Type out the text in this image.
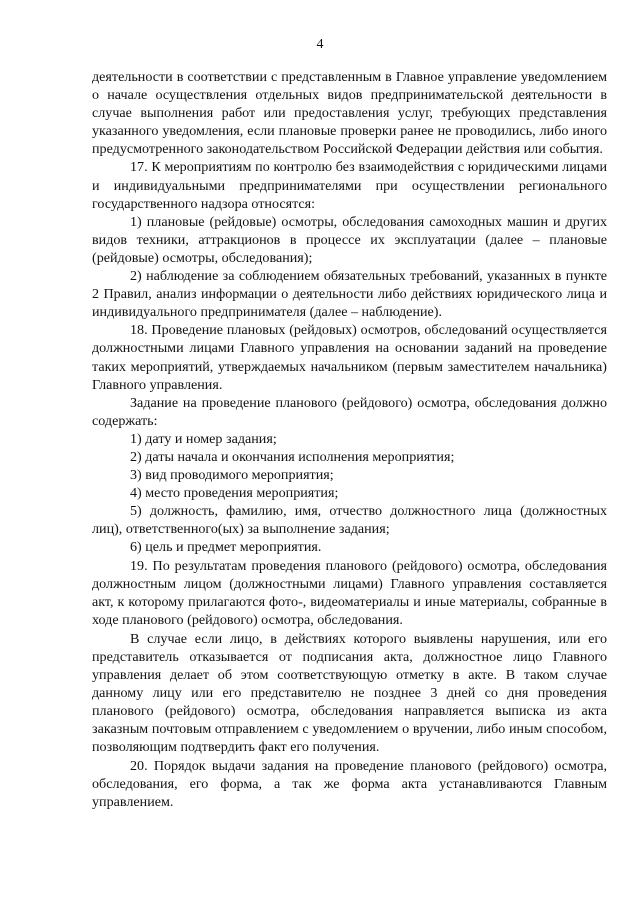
4

деятельности в соответствии с представленным в Главное управление уведомлением о начале осуществления отдельных видов предпринимательской деятельности в случае выполнения работ или предоставления услуг, требующих представления указанного уведомления, если плановые проверки ранее не проводились, либо иного предусмотренного законодательством Российской Федерации действия или события.

17. К мероприятиям по контролю без взаимодействия с юридическими лицами и индивидуальными предпринимателями при осуществлении регионального государственного надзора относятся:

1) плановые (рейдовые) осмотры, обследования самоходных машин и других видов техники, аттракционов в процессе их эксплуатации (далее – плановые (рейдовые) осмотры, обследования);

2) наблюдение за соблюдением обязательных требований, указанных в пункте 2 Правил, анализ информации о деятельности либо действиях юридического лица и индивидуального предпринимателя (далее – наблюдение).

18. Проведение плановых (рейдовых) осмотров, обследований осуществляется должностными лицами Главного управления на основании заданий на проведение таких мероприятий, утверждаемых начальником (первым заместителем начальника) Главного управления.

Задание на проведение планового (рейдового) осмотра, обследования должно содержать:

1) дату и номер задания;

2) даты начала и окончания исполнения мероприятия;

3) вид проводимого мероприятия;

4) место проведения мероприятия;

5) должность, фамилию, имя, отчество должностного лица (должностных лиц), ответственного(ых) за выполнение задания;

6) цель и предмет мероприятия.

19. По результатам проведения планового (рейдового) осмотра, обследования должностным лицом (должностными лицами) Главного управления составляется акт, к которому прилагаются фото-, видеоматериалы и иные материалы, собранные в ходе планового (рейдового) осмотра, обследования.

В случае если лицо, в действиях которого выявлены нарушения, или его представитель отказывается от подписания акта, должностное лицо Главного управления делает об этом соответствующую отметку в акте. В таком случае данному лицу или его представителю не позднее 3 дней со дня проведения планового (рейдового) осмотра, обследования направляется выписка из акта заказным почтовым отправлением с уведомлением о вручении, либо иным способом, позволяющим подтвердить факт его получения.

20. Порядок выдачи задания на проведение планового (рейдового) осмотра, обследования, его форма, а так же форма акта устанавливаются Главным управлением.
